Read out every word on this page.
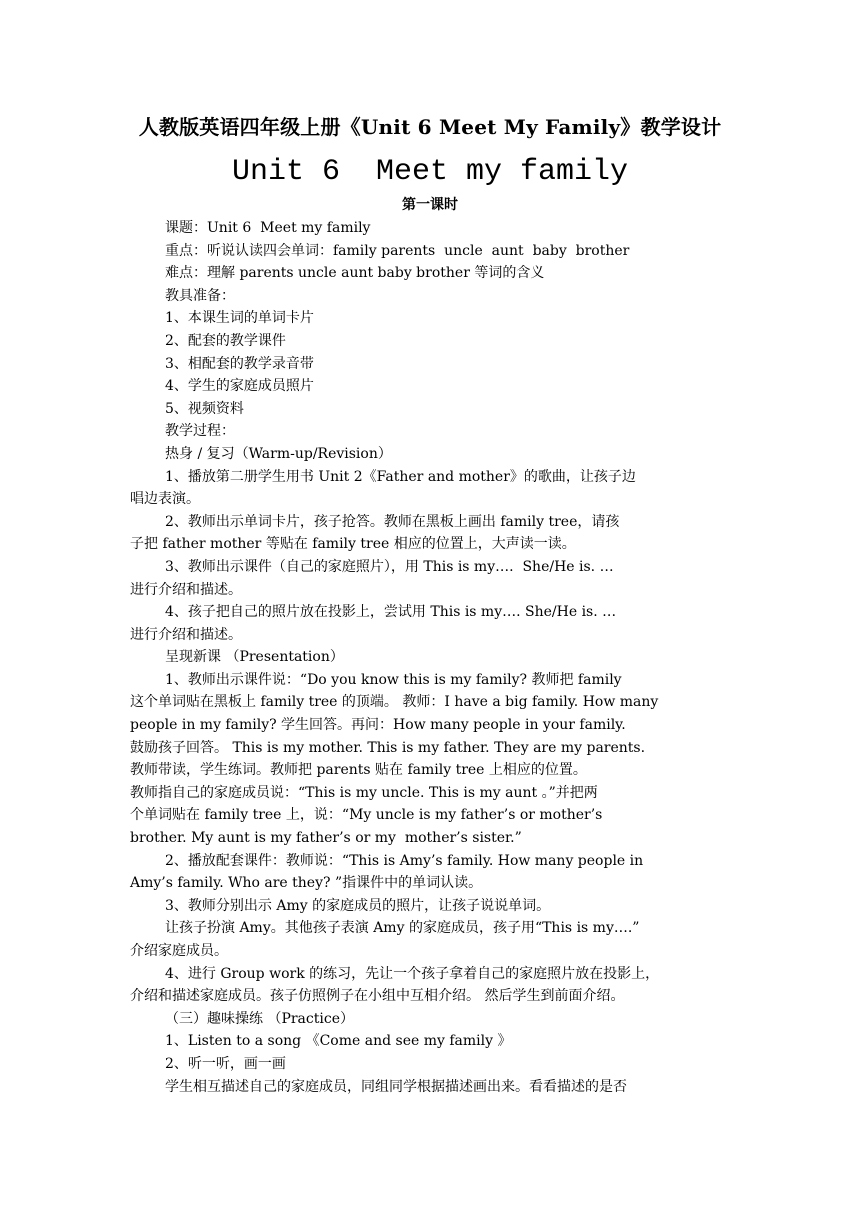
人教版英语四年级上册《Unit 6 Meet My Family》教学设计
Unit 6  Meet my family
第一课时

课题：Unit 6  Meet my family

重点：听说认读四会单词：family parents  uncle  aunt  baby  brother

难点：理解 parents uncle aunt baby brother 等词的含义

教具准备：

1、本课生词的单词卡片

2、配套的教学课件

3、相配套的教学录音带

4、学生的家庭成员照片

5、视频资料

教学过程：

热身 / 复习（Warm-up/Revision）

1、播放第二册学生用书 Unit 2《Father and mother》的歌曲，让孩子边

唱边表演。

2、教师出示单词卡片，孩子抢答。教师在黑板上画出 family tree，请孩

子把 father mother 等贴在 family tree 相应的位置上，大声读一读。

3、教师出示课件（自己的家庭照片），用 This is my….  She/He is. …

进行介绍和描述。

4、孩子把自己的照片放在投影上，尝试用 This is my…. She/He is. …

进行介绍和描述。

呈现新课 （Presentation）

1、教师出示课件说：“Do you know this is my family? 教师把 family

这个单词贴在黑板上 family tree 的顶端。 教师：I have a big family. How many

people in my family? 学生回答。再问：How many people in your family.

鼓励孩子回答。 This is my mother. This is my father. They are my parents.

教师带读，学生练词。教师把 parents 贴在 family tree 上相应的位置。

教师指自己的家庭成员说：“This is my uncle. This is my aunt 。”并把两

个单词贴在 family tree 上，说：“My uncle is my father’s or mother’s

brother. My aunt is my father’s or my  mother’s sister.”

2、播放配套课件：教师说：“This is Amy’s family. How many people in

Amy’s family. Who are they? ”指课件中的单词认读。

3、教师分别出示 Amy 的家庭成员的照片，让孩子说说单词。

让孩子扮演 Amy。其他孩子表演 Amy 的家庭成员，孩子用“This is my….”

介绍家庭成员。

4、进行 Group work 的练习，先让一个孩子拿着自己的家庭照片放在投影上，

介绍和描述家庭成员。孩子仿照例子在小组中互相介绍。 然后学生到前面介绍。

（三）趣味操练 （Practice）

1、Listen to a song 《Come and see my family 》

2、听一听，画一画

学生相互描述自己的家庭成员，同组同学根据描述画出来。看看描述的是否
